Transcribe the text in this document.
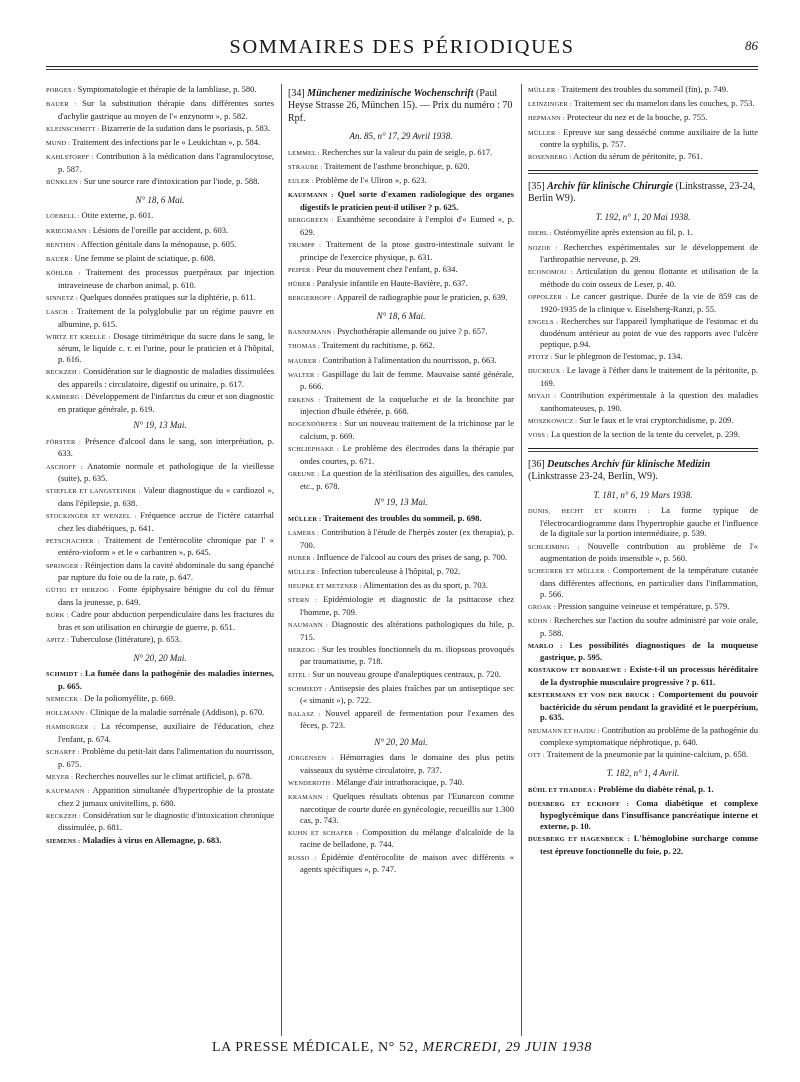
SOMMAIRES DES PÉRIODIQUES	86
PORGES : Symptomatologie et thérapie de la lambliase, p. 580.
BAUER : Sur la substitution thérapie dans différentes sortes d'achylie gastrique au moyen de l'« enzynorm », p. 582.
KLEINSCHMITT : Bizarrerie de la sudation dans le psoriasis, p. 583.
MUND : Traitement des infections par le « Leukichtan », p. 584.
KAHLSTORPF : Contribution à la médication dans l'agranulocytose, p. 587.
BÜNKLEN : Sur une source rare d'intoxication par l'iode, p. 588.
N° 18, 6 Mai.
LOEBELL : Otite externe, p. 601.
KRIEGMANN : Lésions de l'oreille par accident, p. 603.
BENTHIN : Affection génitale dans la ménopause, p. 605.
BAUER : Une femme se plaint de sciatique, p. 608.
KÖHLER : Traitement des processus puerpéraux par injection intraveineuse de charbon animal, p. 610.
SINNETZ : Quelques données pratiques sur la diphtérie, p. 611.
LASCH : Traitement de la polyglobulie par un régime pauvre en albumine, p. 615.
WIRTZ ET KRELLE : Dosage titrimétrique du sucre dans le sang, le sérum, le liquide c. r. et l'urine, pour le praticien et à l'hôpital, p. 616.
RECKZEH : Considération sur le diagnostic de maladies dissimulées des appareils : circulatoire, digestif ou urinaire, p. 617.
KAMBERG : Développement de l'infarctus du cœur et son diagnostic en pratique générale, p. 619.
N° 19, 13 Mai.
FÖRSTER : Présence d'alcool dans le sang, son interprétation, p. 633.
ASCHOFF : Anatomie normale et pathologique de la vieillesse (suite), p. 635.
STIEFLER ET LANGSTEINER : Valeur diagnostique du « cardiozol », dans l'épilepsie, p. 638.
STOCKINGER ET WENZEL : Fréquence accrue de l'ictère catarrhal chez les diabétiques, p. 641.
PETSCHACHER : Traitement de l'entérocolite chronique par l' « entéro-vioform » et le « carbantren », p. 645.
SPRINGER : Réinjection dans la cavité abdominale du sang épanché par rupture du foie ou de la rate, p. 647.
GÜTIG ET HERZOG : Fonte épiphysaire bénigne du col du fémur dans la jeunesse, p. 649.
BURK : Cadre pour abduction perpendiculaire dans les fractures du bras et son utilisation en chirurgie de guerre, p. 651.
APITZ : Tuberculose (littérature), p. 653.
N° 20, 20 Mai.
SCHMIDT : La fumée dans la pathogénie des maladies internes, p. 665.
NEMECEK : De la poliomyélite, p. 669.
HOLLMANN : Clinique de la maladie surrénale (Addison), p. 670.
HAMBURGER : La récompense, auxiliaire de l'éducation, chez l'enfant, p. 674.
SCHARFF : Problème du petit-lait dans l'alimentation du nourrisson, p. 675.
MEYER : Recherches nouvelles sur le climat artificiel, p. 678.
KAUFMANN : Apparition simultanée d'hypertrophie de la prostate chez 2 jumaux univitellins, p. 680.
RECKZEH : Considération sur le diagnostic d'intoxication chronique dissimulée, p. 681.
SIEMENS : Maladies à virus en Allemagne, p. 683.
[34] Münchener medizinische Wochenschrift (Paul Heyse Strasse 26, München 15). — Prix du numéro : 70 Rpf.
An. 85, n° 17, 29 Avril 1938.
LEMMEL : Recherches sur la valeur du pain de seigle, p. 617.
STRAUBE : Traitement de l'asthme bronchique, p. 620.
EULER : Problème de l'« Uliron », p. 623.
KAUFMANN : Quel sorte d'examen radiologique des organes digestifs le praticien peut-il utiliser ? p. 625.
BERGGREEN : Exanthème secondaire à l'emploi d'« Eumed », p. 629.
TRUMPP : Traitement de la ptose gastro-intestinale suivant le principe de l'exercice physique, p. 631.
PEIPER : Peur du mouvement chez l'enfant, p. 634.
HÜBER : Paralysie infantile en Haute-Bavière, p. 637.
BERGERHOFF : Appareil de radiographie pour le praticien, p. 639.
N° 18, 6 Mai.
BANNEMANN : Psychothérapie allemande ou juive ? p. 657.
THOMAS : Traitement du rachitisme, p. 662.
MAURER : Contribution à l'alimentation du nourrisson, p. 663.
WALTER : Gaspillage du lait de femme. Mauvaise santé générale, p. 666.
ERKENS : Traitement de la coqueluche et de la bronchite par injection d'huile éthérée, p. 668.
BOGENDÖRFER : Sur un nouveau traitement de la trichinose par le calcium, p. 669.
SCHLIEPHAKE : Le problème des électrodes dans la thérapie par ondes courtes, p. 671.
GREUNE : La question de la stérilisation des aiguilles, des canules, etc., p. 678.
N° 19, 13 Mai.
MÜLLER : Traitement des troubles du sommeil, p. 698.
LAMERS : Contribution à l'étude de l'herpès zoster (ex therapia), p. 700.
HUBER : Influence de l'alcool au cours des prises de sang, p. 700.
MÜLLER : Infection tuberculeuse à l'hôpital, p. 702.
HEUPKE ET METZNER : Alimentation des as du sport, p. 703.
STERN : Epidémiologie et diagnostic de la psittacose chez l'homme, p. 709.
NAUMANN : Diagnostic des altérations pathologiques du hile, p. 715.
HERZOG : Sur les troubles fonctionnels du m. iliopsoas provoqués par traumatisme, p. 718.
EITEL : Sur un nouveau groupe d'analeptiques centraux, p. 720.
SCHMIEDT : Antisepsie des plaies fraîches par un antiseptique sec (« simanit »), p. 722.
BALASZ : Nouvel appareil de fermentation pour l'examen des fèces, p. 723.
N° 20, 20 Mai.
JÜRGENSEN : Hémorragies dans le domaine des plus petits vaisseaux du système circulatoire, p. 737.
WENDEROTH : Mélange d'air intrathoracique, p. 740.
KRAMANN : Quelques résultats obtenus par l'Eunarcon comme narcotique de courte durée en gynécologie, recueillis sur 1.300 cas, p. 743.
KUHN ET SCHAFER : Composition du mélange d'alcaloïde de la racine de belladone, p. 744.
RUSSO : Épidémie d'entérocolite de maison avec différents « agents spécifiques », p. 747.
MÜLLER : Traitement des troubles du sommeil (fin), p. 749.
LEINZINGER : Traitement sec du mamelon dans les couches, p. 753.
HEPMANN : Protecteur du nez et de la bouche, p. 755.
MÜLLER : Epreuve sur sang desséché comme auxiliaire de la lutte contre la syphilis, p. 757.
ROSENBERG : Action du sérum de péritonite, p. 761.
[35] Archiv für klinische Chirurgie (Linkstrasse, 23-24, Berlin W9).
T. 192, n° 1, 20 Mai 1938.
DIEHL : Ostéomyélite après extension au fil, p. 1.
NOZOE : Recherches expérimentales sur le développement de l'arthropathie nerveuse, p. 29.
ECONOMOU : Articulation du genou flottante et utilisation de la méthode du coin osseux de Leser, p. 40.
OPPOLZER : Le cancer gastrique. Durée de la vie de 859 cas de 1920-1935 de la clinique v. Eiselsberg-Ranzi, p. 55.
ENGELS : Recherches sur l'appareil lymphatique de l'estomac et du duodénum antérieur au point de vue des rapports avec l'ulcère peptique, p.94.
PTOTZ : Sur le phlegmon de l'estomac, p. 134.
DUCREUX : Le lavage à l'éther dans le traitement de la péritonite, p. 169.
MIYAJI : Contribution expérimentale à la question des maladies xanthomateuses, p. 190.
MOSZKOWICZ : Sur le faux et le vrai cryptorchidisme, p. 209.
VOSS : La question de la section de la tente du cervelet, p. 239.
[36] Deutsches Archiv für klinische Medizin (Linkstrasse 23-24, Berlin, W9).
T. 181, n° 6, 19 Mars 1938.
DUNIS, HECHT ET KORTH : La forme typique de l'électrocardiogramme dans l'hypertrophie gauche et l'influence de la digitale sur la portion intermédiaire, p. 539.
SCHLEIMING : Nouvelle contribution au problème de l'« augmentation de poids insensible », p. 560.
SCHEURER ET MÜLLER : Comportement de la température cutanée dans différentes affections, en particulier dans l'inflammation, p. 566.
GROAK : Pression sanguine veineuse et température, p. 579.
KÜHN : Recherches sur l'action du soufre administré par voie orale, p. 588.
MARLO : Les possibilités diagnostiques de la muqueuse gastrique, p. 595.
KOSTAKOW ET BODAREWE : Existe-t-il un processus héréditaire de la dystrophie musculaire progressive ? p. 611.
KESTERMANN ET VON DER BRUCK : Comportement du pouvoir bactéricide du sérum pendant la gravidité et le puerpérium, p. 635.
NEUMANN ET HAJDU : Contribution au problème de la pathogénie du complexe symptomatique néphrotique, p. 640.
OTT : Traitement de la pneumonie par la quinine-calcium, p. 658.
T. 182, n° 1, 4 Avril.
BÜHL ET THADDEA : Problème du diabète rénal, p. 1.
DUESBERG ET ECKHOFF : Coma diabétique et complexe hypoglycémique dans l'insuffisance pancréatique interne et externe, p. 10.
DUESBERG ET HAGENBECK : L'hémoglobine surcharge comme test épreuve fonctionnelle du foie, p. 22.
LA PRESSE MÉDICALE, N° 52, MERCREDI, 29 JUIN 1938
